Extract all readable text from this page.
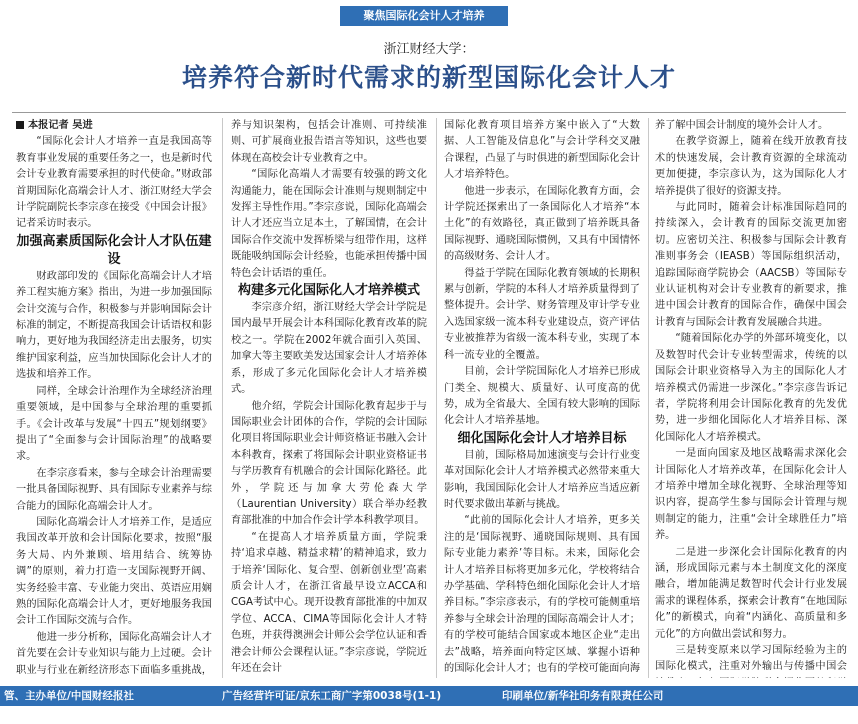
聚焦国际化会计人才培养
浙江财经大学：
培养符合新时代需求的新型国际化会计人才

本报记者 吴进

“国际化会计人才培养一直是我国高等教育事业发展的重要任务之一，也是新时代会计专业教育需要承担的时代使命。”财政部首期国际化高端会计人才、浙江财经大学会计学院副院长李宗彦在接受《中国会计报》记者采访时表示。

加强高素质国际化会计人才队伍建设

财政部印发的《国际化高端会计人才培养工程实施方案》指出，为进一步加强国际会计交流与合作，积极参与并影响国际会计标准的制定，不断提高我国会计话语权和影响力，更好地为我国经济走出去服务，切实维护国家利益，应当加快国际化会计人才的选拔和培养工作。

同样，全球会计治理作为全球经济治理重要领域，是中国参与全球治理的重要抓手。《会计改革与发展“十四五”规划纲要》提出了“全面参与会计国际治理”的战略要求。

在李宗彦看来，参与全球会计治理需要一批具备国际视野、具有国际专业素养与综合能力的国际化高端会计人才。

国际化高端会计人才培养工作，是适应我国改革开放和会计国际化要求，按照“服务大局、内外兼顾、培用结合、统筹协调”的原则，着力打造一支国际视野开阔、实务经验丰富、专业能力突出、英语应用娴熟的国际化高端会计人才，更好地服务我国会计工作国际交流与合作。

他进一步分析称，国际化高端会计人才首先要在会计专业知识与能力上过硬。会计职业与行业在新经济形态下面临多重挑战，

养与知识架构，包括会计准则、可持续准则、可扩展商业报告语言等知识，这些也要体现在高校会计专业教育之中。

“国际化高端人才需要有较强的跨文化沟通能力，能在国际会计准则与规则制定中发挥主导性作用。”李宗彦说，国际化高端会计人才还应当立足本土，了解国情，在会计国际合作交流中发挥桥梁与纽带作用，这样既能吸纳国际会计经验，也能承担传播中国特色会计话语的重任。

构建多元化国际化人才培养模式

李宗彦介绍，浙江财经大学会计学院是国内最早开展会计本科国际化教育改革的院校之一。学院在2002年就合面引入英国、加拿大等主要欧美发达国家会计人才培养体系，形成了多元化国际化会计人才培养模式。

他介绍，学院会计国际化教育起步于与国际职业会计团体的合作，学院的会计国际化项目将国际职业会计师资格证书融入会计本科教育，探索了将国际会计职业资格证书与学历教育有机融合的会计国际化路径。此外，学院还与加拿大劳伦森大学（Laurentian University）联合举办经教育部批准的中加合作会计学本科教学项目。

“在提高人才培养质量方面，学院秉持‘追求卓越、精益求精’的精神追求，致力于培养‘国际化、复合型、创新创业型’高素质会计人才，在浙江省最早设立ACCA和CGA考试中心。现开设教育部批准的中加双学位、ACCA、CIMA等国际化会计人才特色班，并获得澳洲会计师公会学位认证和香港会计师公会课程认证。”李宗彦说，学院近年还在会计

国际化教育项目培养方案中嵌入了“大数据、人工智能及信息化”与会计学科交叉融合课程，凸显了与时俱进的新型国际化会计人才培养特色。

他进一步表示，在国际化教育方面，会计学院还探索出了一条国际化人才培养“本土化”的有效路径，真正做到了培养既具备国际视野、通晓国际惯例，又具有中国情怀的高级财务、会计人才。

得益于学院在国际化教育领域的长期积累与创新，学院的本科人才培养质量得到了整体提升。会计学、财务管理及审计学专业入选国家级一流本科专业建设点，资产评估专业被推荐为省级一流本科专业，实现了本科一流专业的全覆盖。

目前，会计学院国际化人才培养已形成门类全、规模大、质量好、认可度高的优势，成为全省最大、全国有较大影响的国际化会计人才培养基地。

细化国际化会计人才培养目标

目前，国际格局加速演变与会计行业变革对国际化会计人才培养模式必然带来重大影响，我国国际化会计人才培养应当适应新时代要求做出革新与挑战。

“此前的国际化会计人才培养，更多关注的是‘国际视野、通晓国际规则、具有国际专业能力素养’等目标。未来，国际化会计人才培养目标将更加多元化，学校将结合办学基础、学科特色细化国际化会计人才培养目标。”李宗彦表示，有的学校可能侧重培养参与全球会计治理的国际高端会计人才；有的学校可能结合国家或本地区企业“走出去”战略，培养面向特定区域、掌握小语种的国际化会计人才；也有的学校可能面向海

养了解中国会计制度的境外会计人才。

在教学资源上，随着在线开放教育技术的快速发展，会计教育资源的全球流动更加便捷，李宗彦认为，这为国际化人才培养提供了很好的资源支持。

与此同时，随着会计标准国际趋同的持续深入，会计教育的国际交流更加密切。应密切关注、积极参与国际会计教育准则事务会（IEASB）等国际组织活动，追踪国际商学院协会（AACSB）等国际专业认证机构对会计专业教育的新要求，推进中国会计教育的国际合作，确保中国会计教育与国际会计教育发展融合共进。

“随着国际化办学的外部环境变化，以及数智时代会计专业转型需求，传统的以国际会计职业资格导入为主的国际化人才培养模式仍需进一步深化。”李宗彦告诉记者，学院将利用会计国际化教育的先发优势，进一步细化国际化人才培养目标、深化国际化人才培养模式。

一是面向国家及地区战略需求深化会计国际化人才培养改革，在国际化会计人才培养中增加全球化视野、全球治理等知识内容，提高学生参与国际会计管理与规则制定的能力，注重“会计全球胜任力”培养。

二是进一步深化会计国际化教育的内涵，形成国际元素与本土制度文化的深度融合，增加能满足数智时代会计行业发展需求的课程体系，探索会计教育“在地国际化”的新模式，向着“内涵化、高质量和多元化”的方向做出尝试和努力。

三是转变原来以学习国际经验为主的国际化模式，注重对外输出与传播中国会

管、主办单位/中国财经报社	广告经营许可证/京东工商广字第0038号(1-1)	印刷单位/新华社印务有限责任公司
